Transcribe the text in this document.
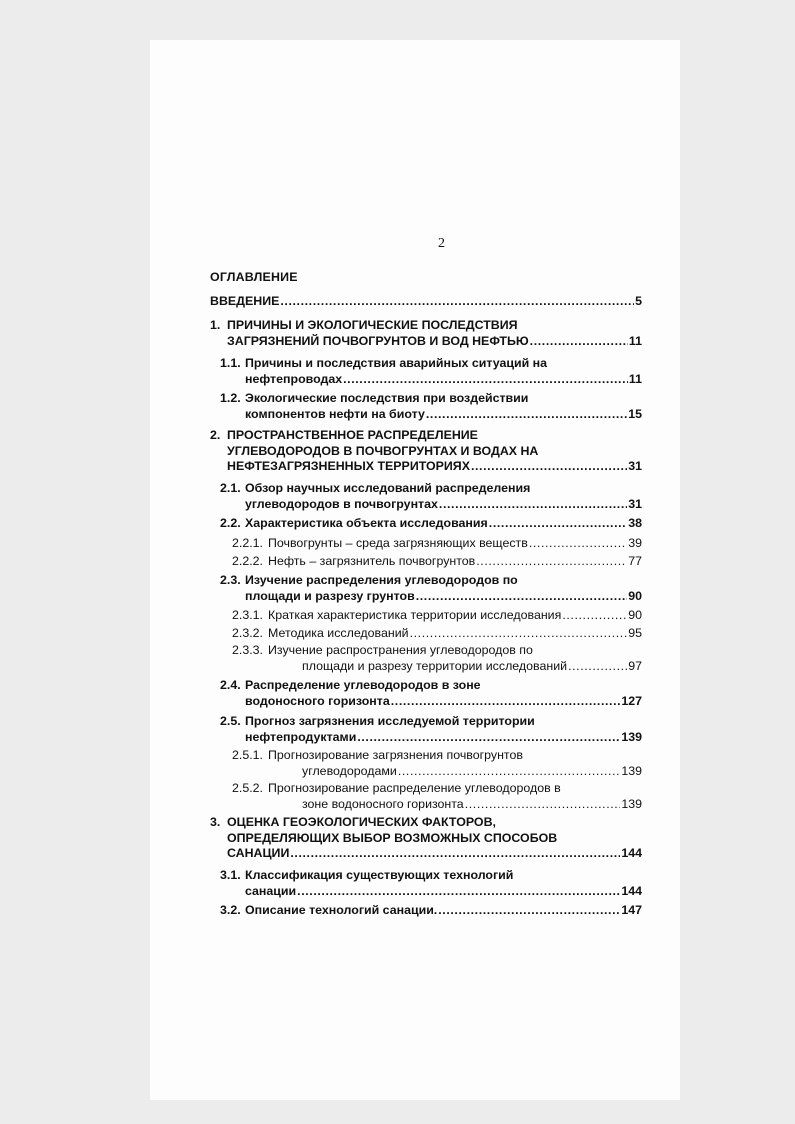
2
ОГЛАВЛЕНИЕ
ВВЕДЕНИЕ .....	5
1. ПРИЧИНЫ И ЭКОЛОГИЧЕСКИЕ ПОСЛЕДСТВИЯ
ЗАГРЯЗНЕНИЙ ПОЧВОГРУНТОВ И ВОД НЕФТЬЮ .....	11
1.1. Причины и последствия аварийных ситуаций на
нефтепроводах .....	11
1.2. Экологические последствия при воздействии
компонентов нефти на биоту .....	15
2. ПРОСТРАНСТВЕННОЕ РАСПРЕДЕЛЕНИЕ
УГЛЕВОДОРОДОВ В ПОЧВОГРУНТАХ И ВОДАХ НА
НЕФТЕЗАГРЯЗНЕННЫХ ТЕРРИТОРИЯХ .....	31
2.1. Обзор научных исследований распределения
углеводородов в почвогрунтах .....	31
2.2. Характеристика объекта исследования .....	38
2.2.1. Почвогрунты – среда загрязняющих веществ .....	39
2.2.2. Нефть – загрязнитель почвогрунтов .....	77
2.3. Изучение распределения углеводородов по
площади и разрезу грунтов .....	90
2.3.1. Краткая характеристика территории исследования .....	90
2.3.2. Методика исследований .....	95
2.3.3. Изучение распространения углеводородов по
площади и разрезу территории исследований .....	97
2.4. Распределение углеводородов в зоне
водоносного горизонта .....	127
2.5. Прогноз загрязнения исследуемой территории
нефтепродуктами .....	139
2.5.1. Прогнозирование загрязнения почвогрунтов
углеводородами .....	139
2.5.2. Прогнозирование распределение углеводородов в
зоне водоносного горизонта .....	139
3. ОЦЕНКА ГЕОЭКОЛОГИЧЕСКИХ ФАКТОРОВ,
ОПРЕДЕЛЯЮЩИХ ВЫБОР ВОЗМОЖНЫХ СПОСОБОВ
САНАЦИИ .....	144
3.1. Классификация существующих технологий
санации .....	144
3.2. Описание технологий санации. .....	147
